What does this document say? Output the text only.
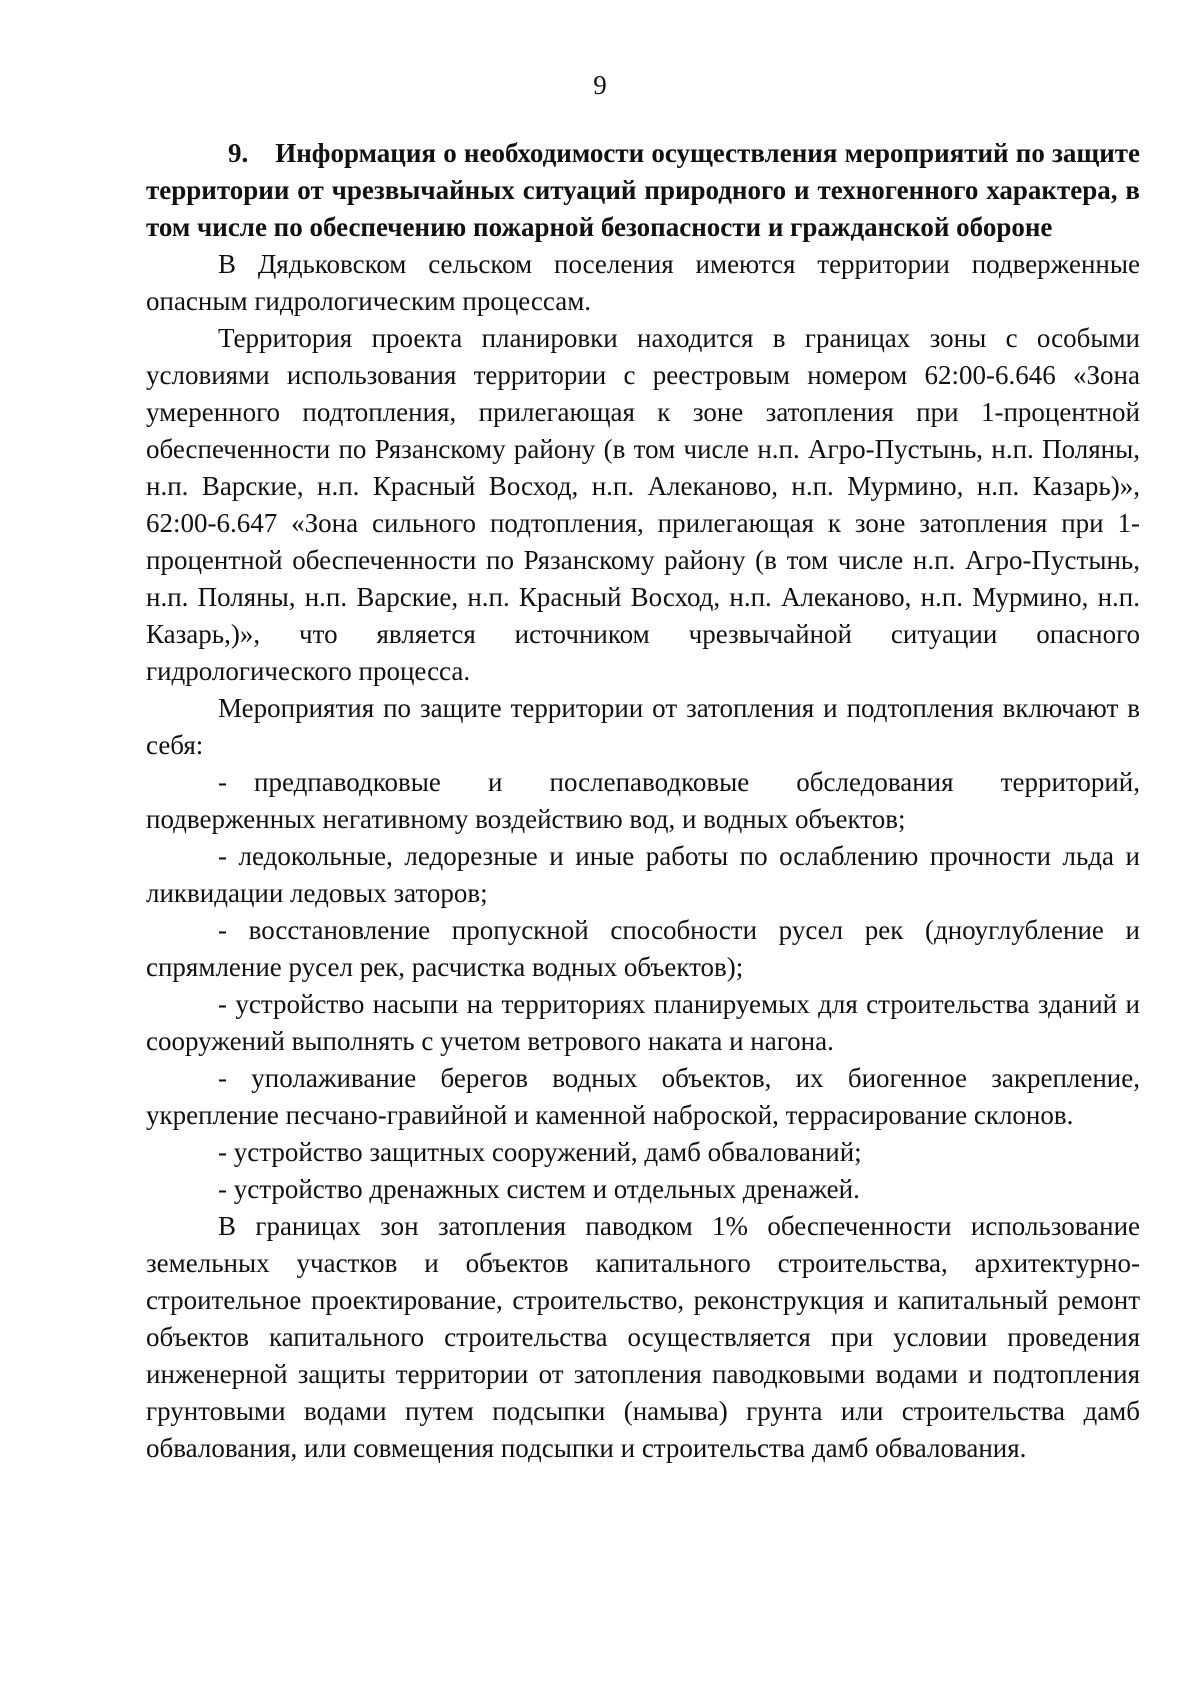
9

9. Информация о необходимости осуществления мероприятий по защите территории от чрезвычайных ситуаций природного и техногенного характера, в том числе по обеспечению пожарной безопасности и гражданской обороне

В Дядьковском сельском поселения имеются территории подверженные опасным гидрологическим процессам.

Территория проекта планировки находится в границах зоны с особыми условиями использования территории с реестровым номером 62:00-6.646 «Зона умеренного подтопления, прилегающая к зоне затопления при 1-процентной обеспеченности по Рязанскому району (в том числе н.п. Агро-Пустынь, н.п. Поляны, н.п. Варские, н.п. Красный Восход, н.п. Алеканово, н.п. Мурмино, н.п. Казарь)», 62:00-6.647 «Зона сильного подтопления, прилегающая к зоне затопления при 1-процентной обеспеченности по Рязанскому району (в том числе н.п. Агро-Пустынь, н.п. Поляны, н.п. Варские, н.п. Красный Восход, н.п. Алеканово, н.п. Мурмино, н.п. Казарь,)», что является источником чрезвычайной ситуации опасного гидрологического процесса.

Мероприятия по защите территории от затопления и подтопления включают в себя:

- предпаводковые и послепаводковые обследования территорий, подверженных негативному воздействию вод, и водных объектов;

- ледокольные, ледорезные и иные работы по ослаблению прочности льда и ликвидации ледовых заторов;

- восстановление пропускной способности русел рек (дноуглубление и спрямление русел рек, расчистка водных объектов);

- устройство насыпи на территориях планируемых для строительства зданий и сооружений выполнять с учетом ветрового наката и нагона.

- уполаживание берегов водных объектов, их биогенное закрепление, укрепление песчано-гравийной и каменной наброской, террасирование склонов.

- устройство защитных сооружений, дамб обвалований;

- устройство дренажных систем и отдельных дренажей.

В границах зон затопления паводком 1% обеспеченности использование земельных участков и объектов капитального строительства, архитектурно-строительное проектирование, строительство, реконструкция и капитальный ремонт объектов капитального строительства осуществляется при условии проведения инженерной защиты территории от затопления паводковыми водами и подтопления грунтовыми водами путем подсыпки (намыва) грунта или строительства дамб обвалования, или совмещения подсыпки и строительства дамб обвалования.
